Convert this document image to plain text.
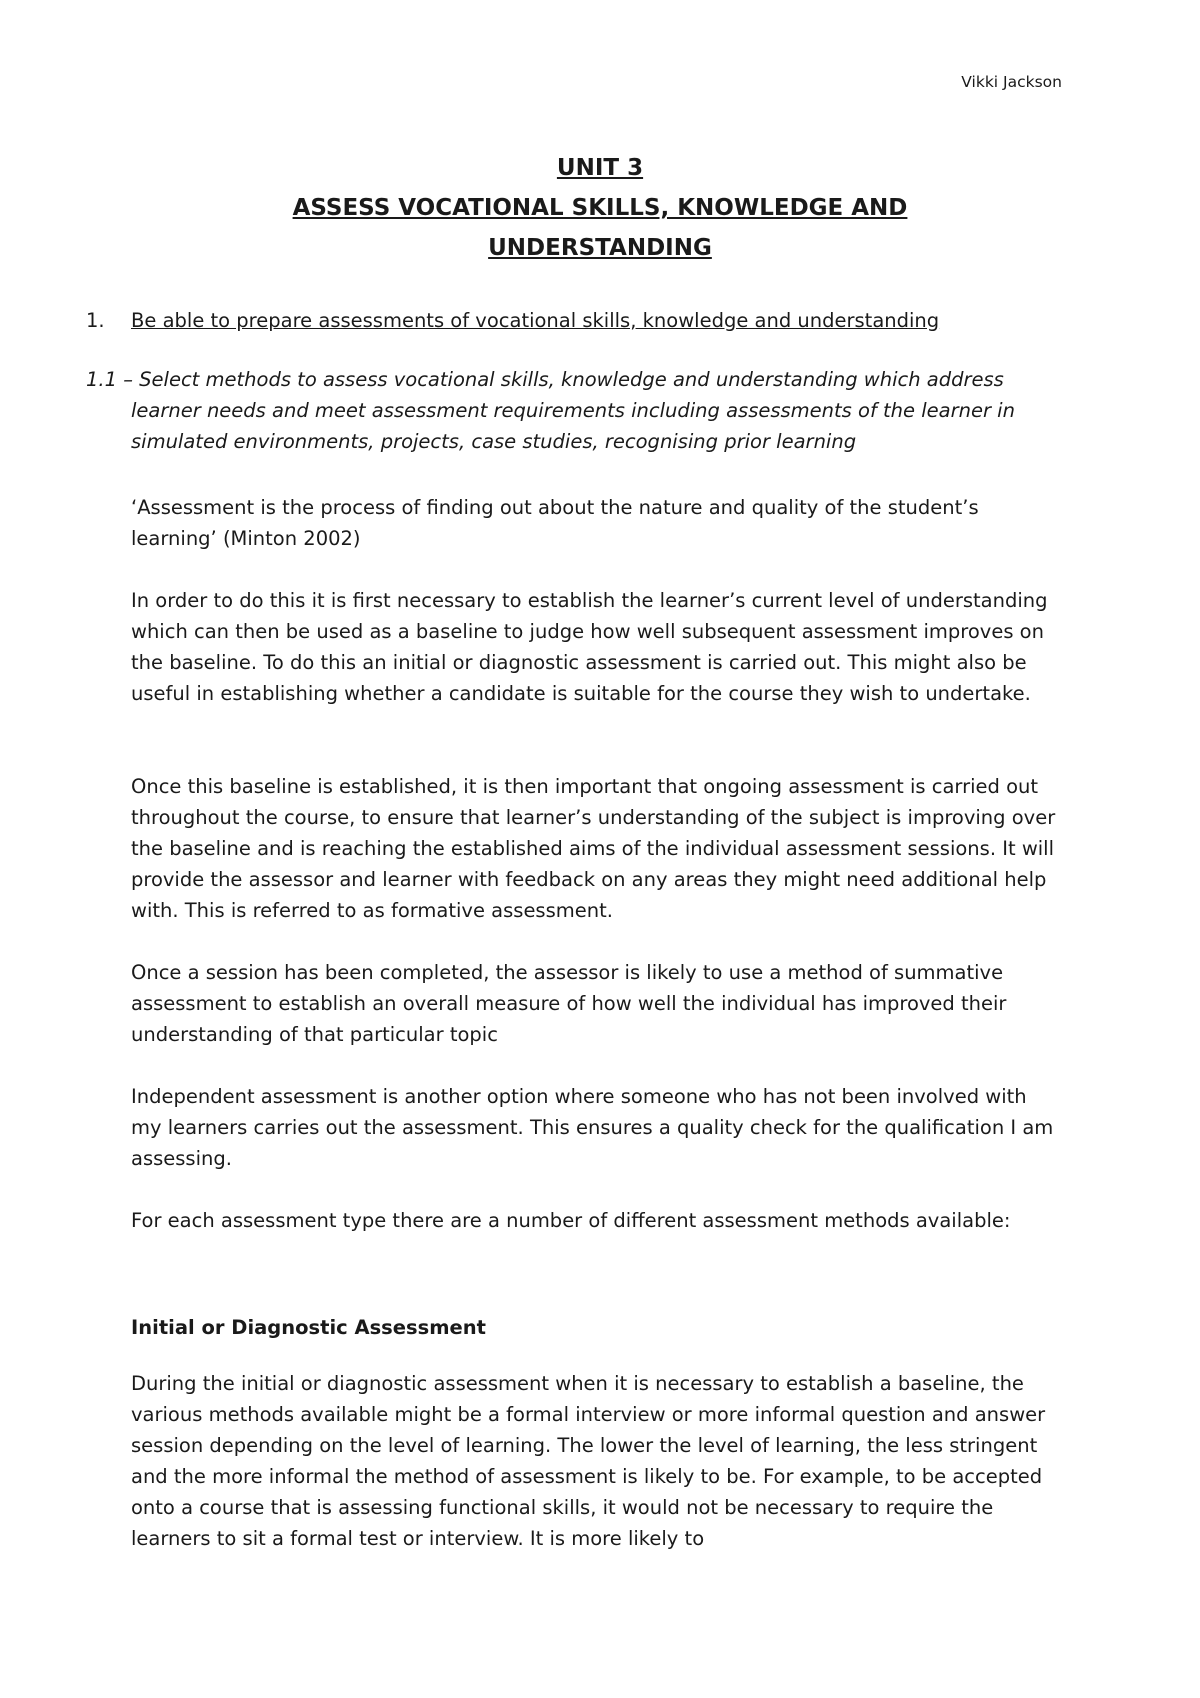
Vikki Jackson
UNIT 3
ASSESS VOCATIONAL SKILLS, KNOWLEDGE AND
UNDERSTANDING
1. Be able to prepare assessments of vocational skills, knowledge and understanding
1.1 – Select methods to assess vocational skills, knowledge and understanding which address learner needs and meet assessment requirements including assessments of the learner in simulated environments, projects, case studies, recognising prior learning
‘Assessment is the process of finding out about the nature and quality of the student’s learning’ (Minton 2002)
In order to do this it is first necessary to establish the learner’s current level of understanding which can then be used as a baseline to judge how well subsequent assessment improves on the baseline. To do this an initial or diagnostic assessment is carried out. This might also be useful in establishing whether a candidate is suitable for the course they wish to undertake.
Once this baseline is established, it is then important that ongoing assessment is carried out throughout the course, to ensure that learner’s understanding of the subject is improving over the baseline and is reaching the established aims of the individual assessment sessions. It will provide the assessor and learner with feedback on any areas they might need additional help with. This is referred to as formative assessment.
Once a session has been completed, the assessor is likely to use a method of summative assessment to establish an overall measure of how well the individual has improved their understanding of that particular topic
Independent assessment is another option where someone who has not been involved with my learners carries out the assessment. This ensures a quality check for the qualification I am assessing.
For each assessment type there are a number of different assessment methods available:
Initial or Diagnostic Assessment
During the initial or diagnostic assessment when it is necessary to establish a baseline, the various methods available might be a formal interview or more informal question and answer session depending on the level of learning. The lower the level of learning, the less stringent and the more informal the method of assessment is likely to be. For example, to be accepted onto a course that is assessing functional skills, it would not be necessary to require the learners to sit a formal test or interview. It is more likely to
